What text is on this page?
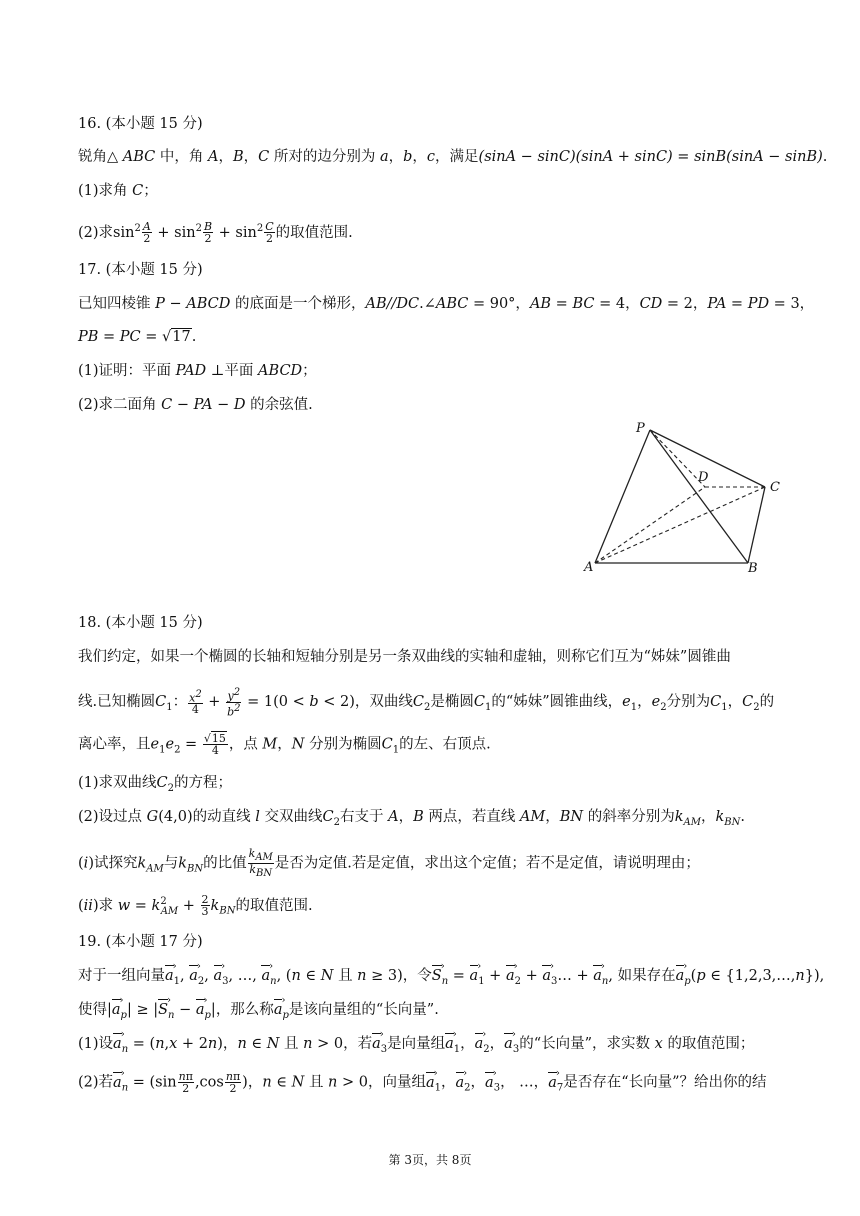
16. (本小题 15 分)
锐角△ ABC 中，角 A，B，C 所对的边分别为 a，b，c，满足(sinA − sinC)(sinA + sinC) = sinB(sinA − sinB).
(1)求角 C；
(2)求$\sin^2 \frac{A}{2} + \sin^2 \frac{B}{2} + \sin^2 \frac{C}{2}$ 的取值范围.
17. (本小题 15 分)
已知四棱锥 P − ABCD 的底面是一个梯形，AB//DC.∠ABC = 90°，AB = BC = 4，CD = 2，PA = PD = 3，
PB = PC = √17.
(1)证明：平面 PAD ⊥平面 ABCD；
(2)求二面角 C − PA − D 的余弦值.
P
D
C
A	B
18. (本小题 15 分)
我们约定，如果一个椭圆的长轴和短轴分别是另一条双曲线的实轴和虚轴，则称它们互为“姊妹”圆锥曲
线.已知椭圆$C_1$： $\frac{x^2}{4} + \frac{y^2}{b^2} = 1(0 < b < 2)$，双曲线$C_2$是椭圆$C_1$的“姊妹”圆锥曲线，$e_1$，$e_2$分别为$C_1$，$C_2$的
离心率，且$e_1e_2 = \frac{√15}{4}$ ，点 M，N 分别为椭圆$C_1$的左、右顶点.
(1)求双曲线$C_2$的方程；
(2)设过点 G(4,0)的动直线 l 交双曲线$C_2$右支于 A，B 两点，若直线 AM，BN 的斜率分别为$k_{AM}$，$k_{BN}$.
(i)试探究$k_{AM}$与$k_{BN}$的比值 $\frac{k_{AM}}{k_{BN}}$ 是否为定值.若是定值，求出这个定值；若不是定值，请说明理由；
(ii)求 $w = k^2_{AM} + \frac{2}{3} k_{BN}$的取值范围.
19. (本小题 17 分)
对于一组向量a $›_1$, a $›_2$, a $›_3$, …, a $›_n$, (n ∈ N 且 n ≥ 3)，令S $›_n = a$ $›_1 + a$ $›_2 + a$ $›_3\dots + a$ $›_n$, 如果存在a $›_p(p$ ∈ {1,2,3,…,n}),
使得|a $›_p| \ge |S$ $›_n - a$ $›_p|$，那么称a $›_p$是该向量组的“长向量”.
(1)设a $›_n = (n,x + 2n)$，n ∈ N 且 n > 0，若a $›_3$是向量组a $›_1$，a $›_2$，a $›_3$的“长向量”，求实数 x 的取值范围；
(2)若a $›_n = (\sin \frac{n\pi}{2} ,\cos \frac{n\pi}{2}$ )，n ∈ N 且 n > 0，向量组a $›_1$，a $›_2$，a $›_3$， …，a $›_7$是否存在“长向量”？给出你的结
第 3页，共 8页
